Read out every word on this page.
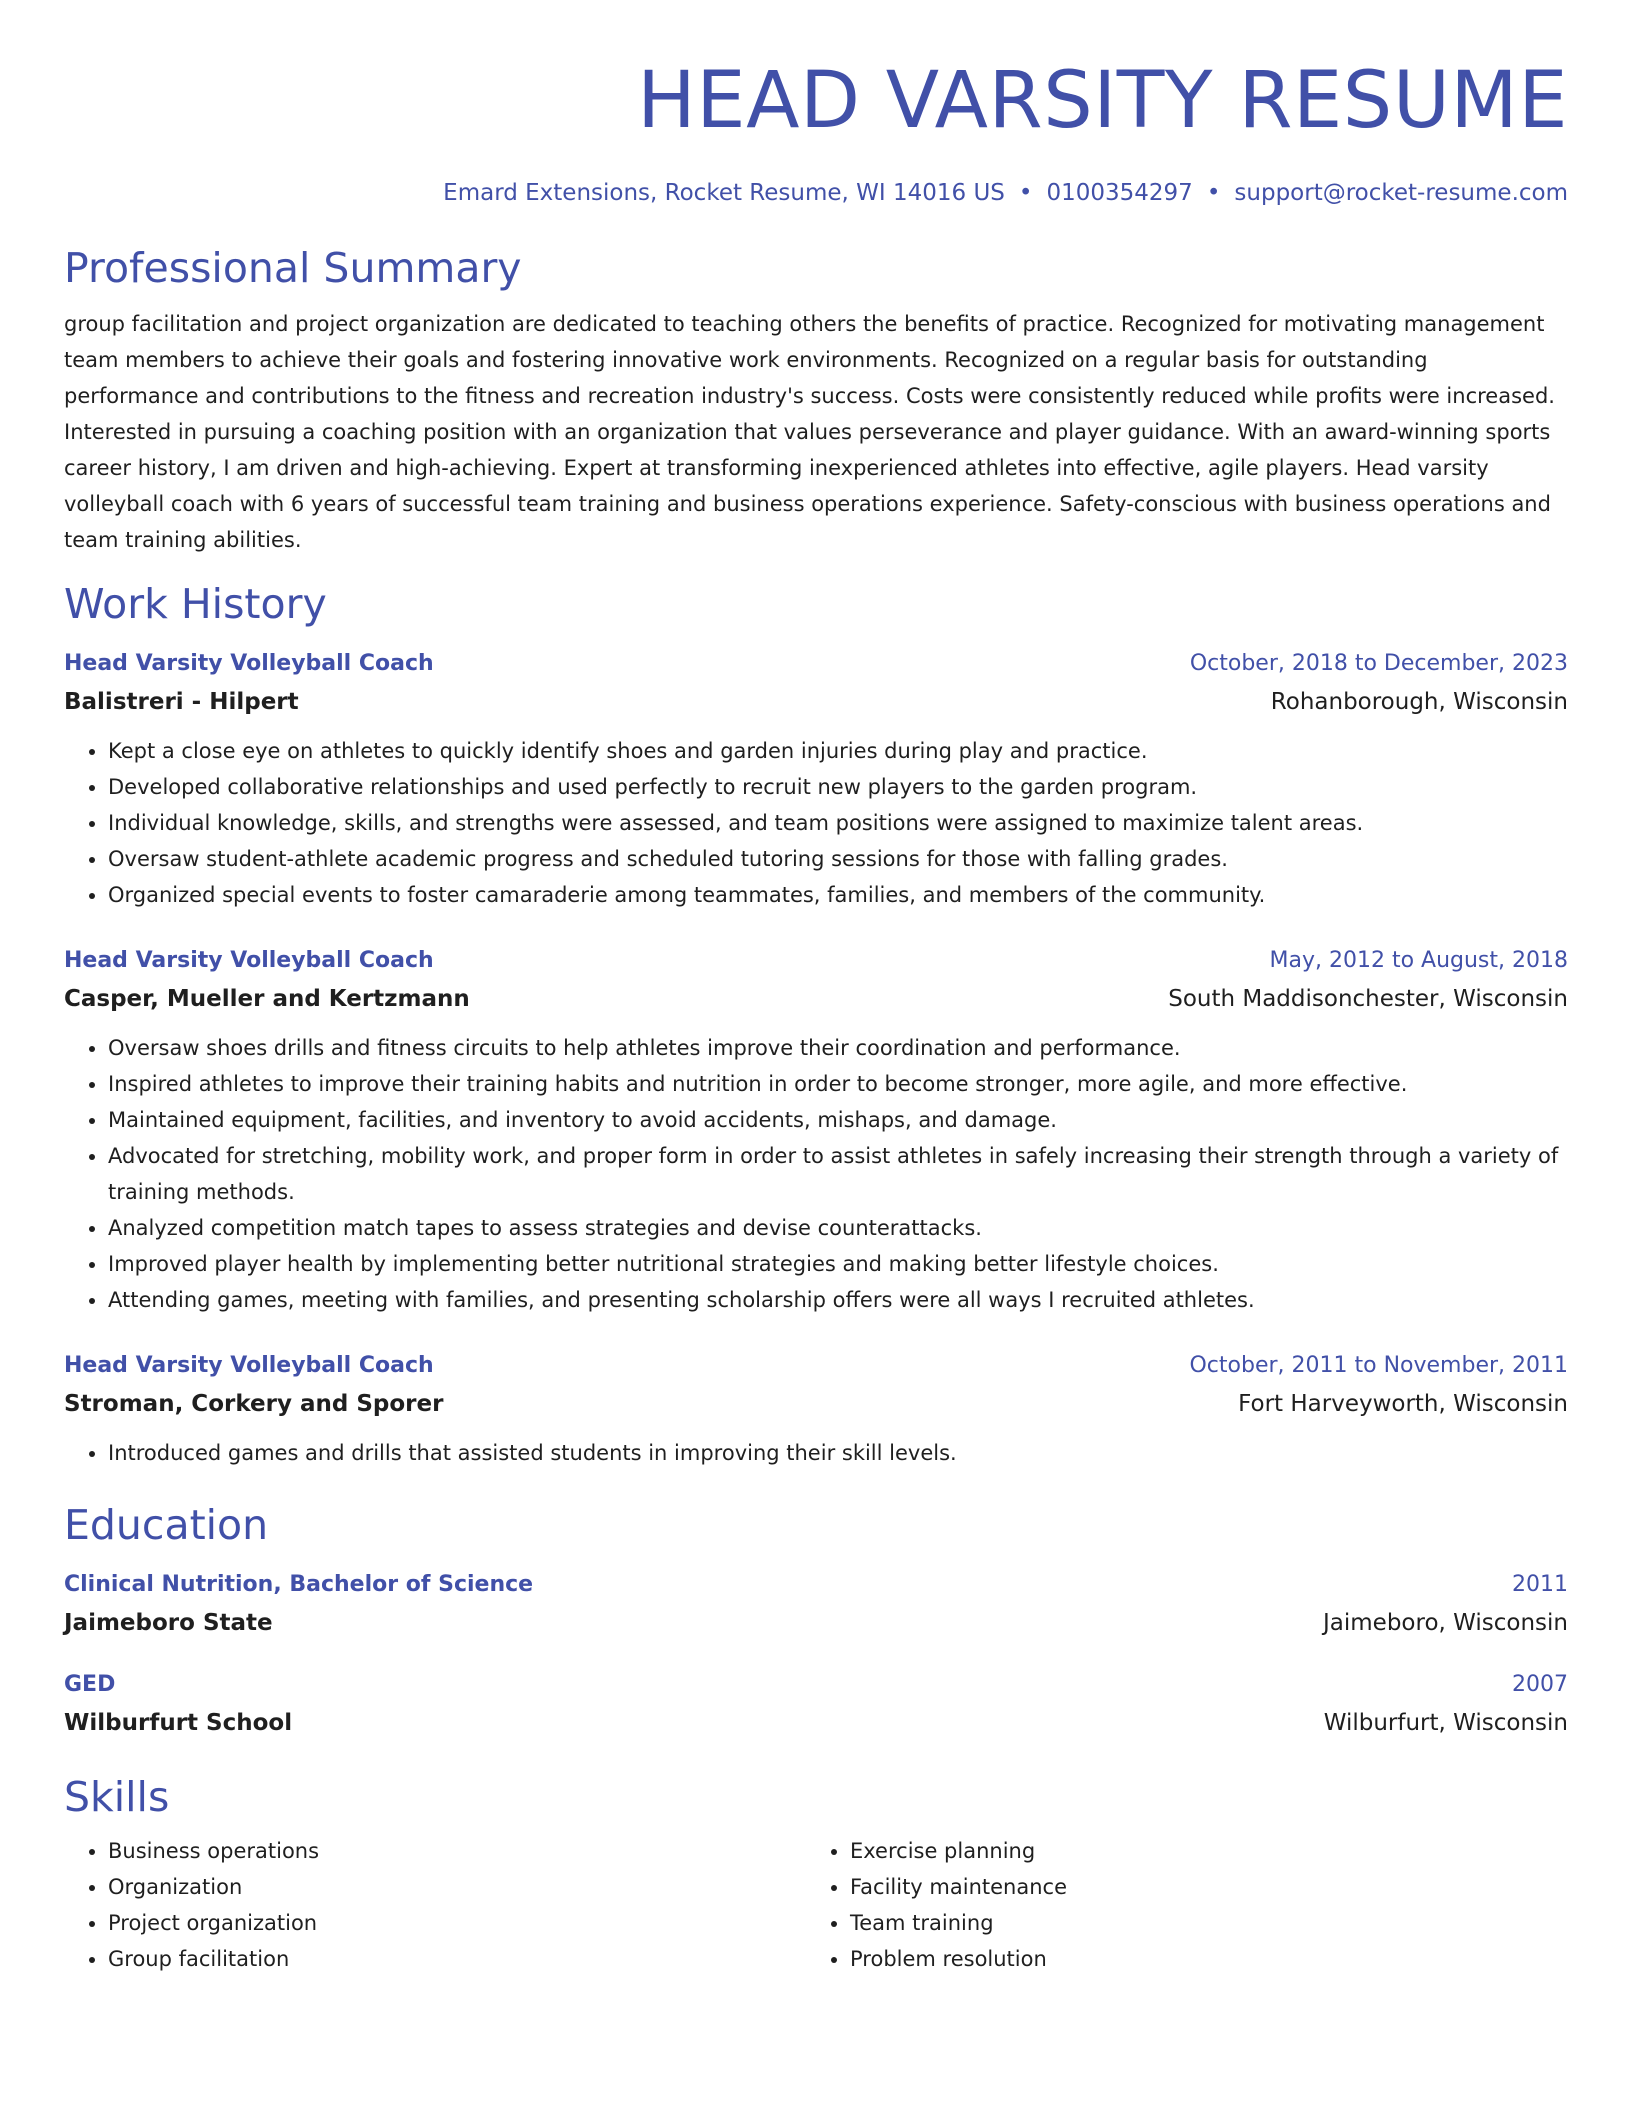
HEAD VARSITY RESUME
Emard Extensions, Rocket Resume, WI 14016 US • 0100354297 • support@rocket-resume.com
Professional Summary

group facilitation and project organization are dedicated to teaching others the benefits of practice. Recognized for motivating management team members to achieve their goals and fostering innovative work environments. Recognized on a regular basis for outstanding performance and contributions to the fitness and recreation industry's success. Costs were consistently reduced while profits were increased. Interested in pursuing a coaching position with an organization that values perseverance and player guidance. With an award-winning sports career history, I am driven and high-achieving. Expert at transforming inexperienced athletes into effective, agile players. Head varsity volleyball coach with 6 years of successful team training and business operations experience. Safety-conscious with business operations and team training abilities.

Work History
Head Varsity Volleyball Coach	October, 2018 to December, 2023
Balistreri - Hilpert	Rohanborough, Wisconsin
• Kept a close eye on athletes to quickly identify shoes and garden injuries during play and practice.
• Developed collaborative relationships and used perfectly to recruit new players to the garden program.
• Individual knowledge, skills, and strengths were assessed, and team positions were assigned to maximize talent areas.
• Oversaw student-athlete academic progress and scheduled tutoring sessions for those with falling grades.
• Organized special events to foster camaraderie among teammates, families, and members of the community.
Head Varsity Volleyball Coach	May, 2012 to August, 2018
Casper, Mueller and Kertzmann	South Maddisonchester, Wisconsin
• Oversaw shoes drills and fitness circuits to help athletes improve their coordination and performance.
• Inspired athletes to improve their training habits and nutrition in order to become stronger, more agile, and more effective.
• Maintained equipment, facilities, and inventory to avoid accidents, mishaps, and damage.
• Advocated for stretching, mobility work, and proper form in order to assist athletes in safely increasing their strength through a variety of training methods.
• Analyzed competition match tapes to assess strategies and devise counterattacks.
• Improved player health by implementing better nutritional strategies and making better lifestyle choices.
• Attending games, meeting with families, and presenting scholarship offers were all ways I recruited athletes.
Head Varsity Volleyball Coach	October, 2011 to November, 2011
Stroman, Corkery and Sporer	Fort Harveyworth, Wisconsin
• Introduced games and drills that assisted students in improving their skill levels.
Education
Clinical Nutrition, Bachelor of Science	2011
Jaimeboro State	Jaimeboro, Wisconsin
GED	2007
Wilburfurt School	Wilburfurt, Wisconsin
Skills
• Business operations
• Organization
• Project organization
• Group facilitation
• Exercise planning
• Facility maintenance
• Team training
• Problem resolution
